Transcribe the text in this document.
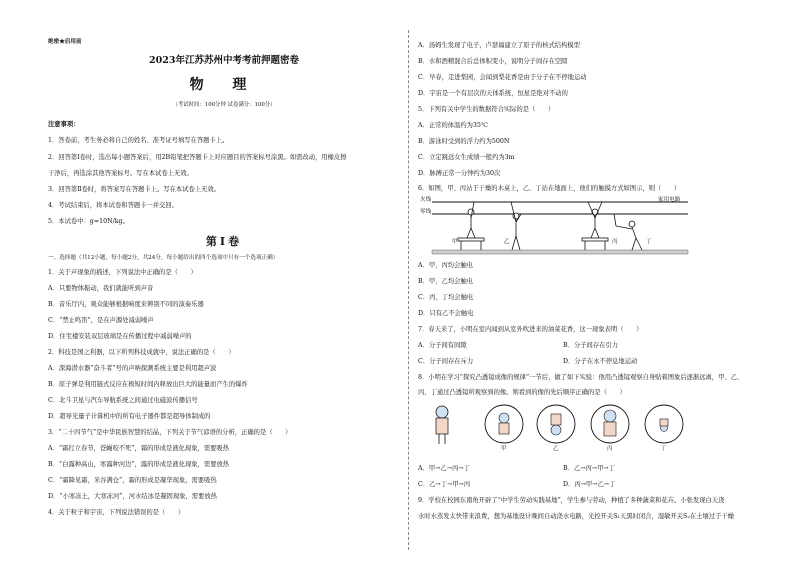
绝密★启用前
2023年江苏苏州中考考前押题密卷
物 理
（考试时间：100分钟 试卷满分：100分）
注意事项：
1．答卷前，考生务必将自己的姓名、准考证号填写在答题卡上。
2．回答第Ⅰ卷时，选出每小题答案后，用2B铅笔把答题卡上对应题目的答案标号涂黑。如需改动，用橡皮擦
干净后，再选涂其他答案标号。写在本试卷上无效。
3．回答第Ⅱ卷时，将答案写在答题卡上。写在本试卷上无效。
4．考试结束后，将本试卷和答题卡一并交回。
5．本试卷中：g=10N/kg。
第Ⅰ卷
一、选择题（共12小题，每小题2分，共24分。每小题给出的四个选项中只有一个选项正确）
1．关于声现象的描述，下列说法中正确的是（　　）
A．只要物体振动，我们就能听到声音
B．音乐厅内，观众能够根据响度来辨别不同的演奏乐器
C．“禁止鸣笛”，是在声源处减弱噪声
D．住宅楼安装双层玻璃是在传播过程中减弱噪声的
2．科技是国之利器，以下所列科技成就中，说法正确的是（　　）
A．深海潜水器“奋斗者”号的声呐探测系统主要是利用超声波
B．原子弹是利用链式反应在极短时间内释放出巨大的能量而产生的爆炸
C．北斗卫星与汽车导航系统之间通过电磁波传播信号
D．超导光量子计算机中的所有电子器件都是超导体制成的
3．“二十四节气”是中华民族智慧的结晶，下列关于节气谚语的分析，正确的是（　　）
A．“霜打立春节，苍蝇咬不死”，霜的形成是液化现象，需要吸热
B．“白露种高山，寒露种河边”，露的形成是液化现象，需要放热
C．“霜降见霜，米谷满仓”，霜的形成是凝华现象，需要吸热
D．“小寒冻土，大寒冻河”，河水结冰是凝固现象，需要放热
4．关于粒子和宇宙，下列说法错误的是（　　）
A．汤姆生发现了电子，卢瑟福建立了原子的核式结构模型
B．水和酒精混合后总体积变小，说明分子间存在空隙
C．早春，走进梨园，会闻到梨花香是由于分子在不停地运动
D．宇宙是一个有层次的天体系统，恒星是绝对不动的
5．下列有关中学生的数据符合实际的是（　　）
A．正常的体温约为35℃
B．游泳时受到的浮力约为500N
C．立定跳远女生成绩一般约为3m
D．脉搏正常一分钟约为30次
6．如图，甲、丙站于干燥的木桌上，乙、丁站在地面上，他们的触摸方式如图示，则（　　）
火线
零线
家用电路
甲	乙	丙	丁
A．甲、丙均会触电
B．甲、乙均会触电
C．丙、丁均会触电
D．只有乙不会触电
7．春天来了，小明在室内闻到从室外吹进来的油菜花香，这一现象表明（　　）
A．分子间有间隙	B．分子间存在引力
C．分子间存在斥力	D．分子在永不停息地运动
8．小明在学习“探究凸透镜成像的规律”一节后，做了如下实验：他用凸透镜观察自身贴着图象后逐渐远离，甲、乙、
丙、丁通过凸透镜所观察到的像。则看到的像的先后顺序正确的是（　　）
甲	乙	丙	丁
A．甲→乙→丙→丁	B．乙→丙→甲→丁
C．乙→丁→甲→丙	D．丙→甲→乙→丁
9．学校在校园东南角开辟了“中学生劳动实践基地”，学生参与劳动，种植了多种蔬菜和花卉。小张发现白天浇
水时水蒸发太快带来浪费，想为基地设计晚间自动浇水电路，光控开关S₁天黑时闭合，湿敏开关S₂在土壤过于干燥
